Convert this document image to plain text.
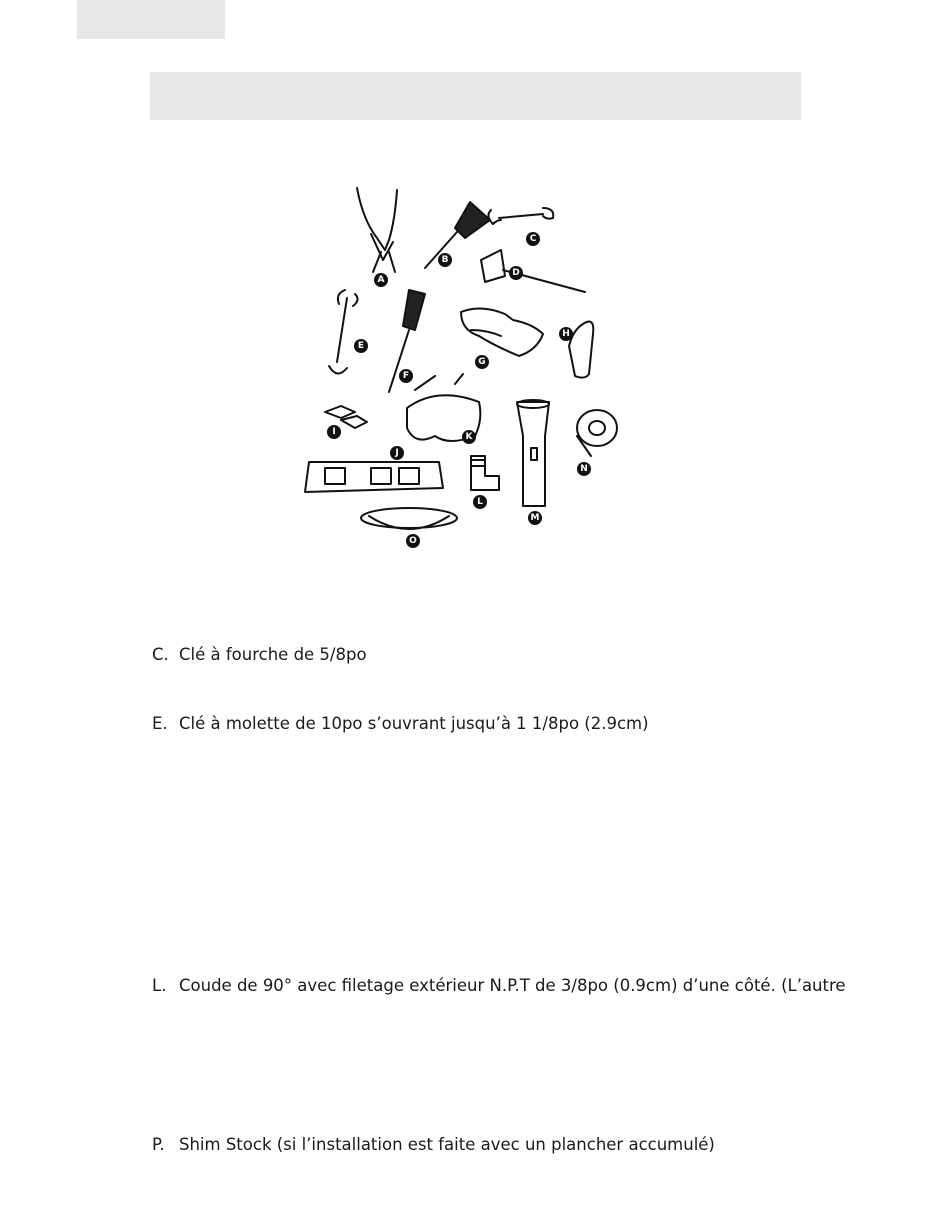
A
B
C
D
E
F
G
H
I
J
K
L
M
N
O
C. Clé à fourche de 5/8po
E. Clé à molette de 10po s’ouvrant jusqu’à 1 1/8po (2.9cm)
L. Coude de 90° avec filetage extérieur N.P.T de 3/8po (0.9cm) d’une côté. (L’autre
P. Shim Stock (si l’installation est faite avec un plancher accumulé)
